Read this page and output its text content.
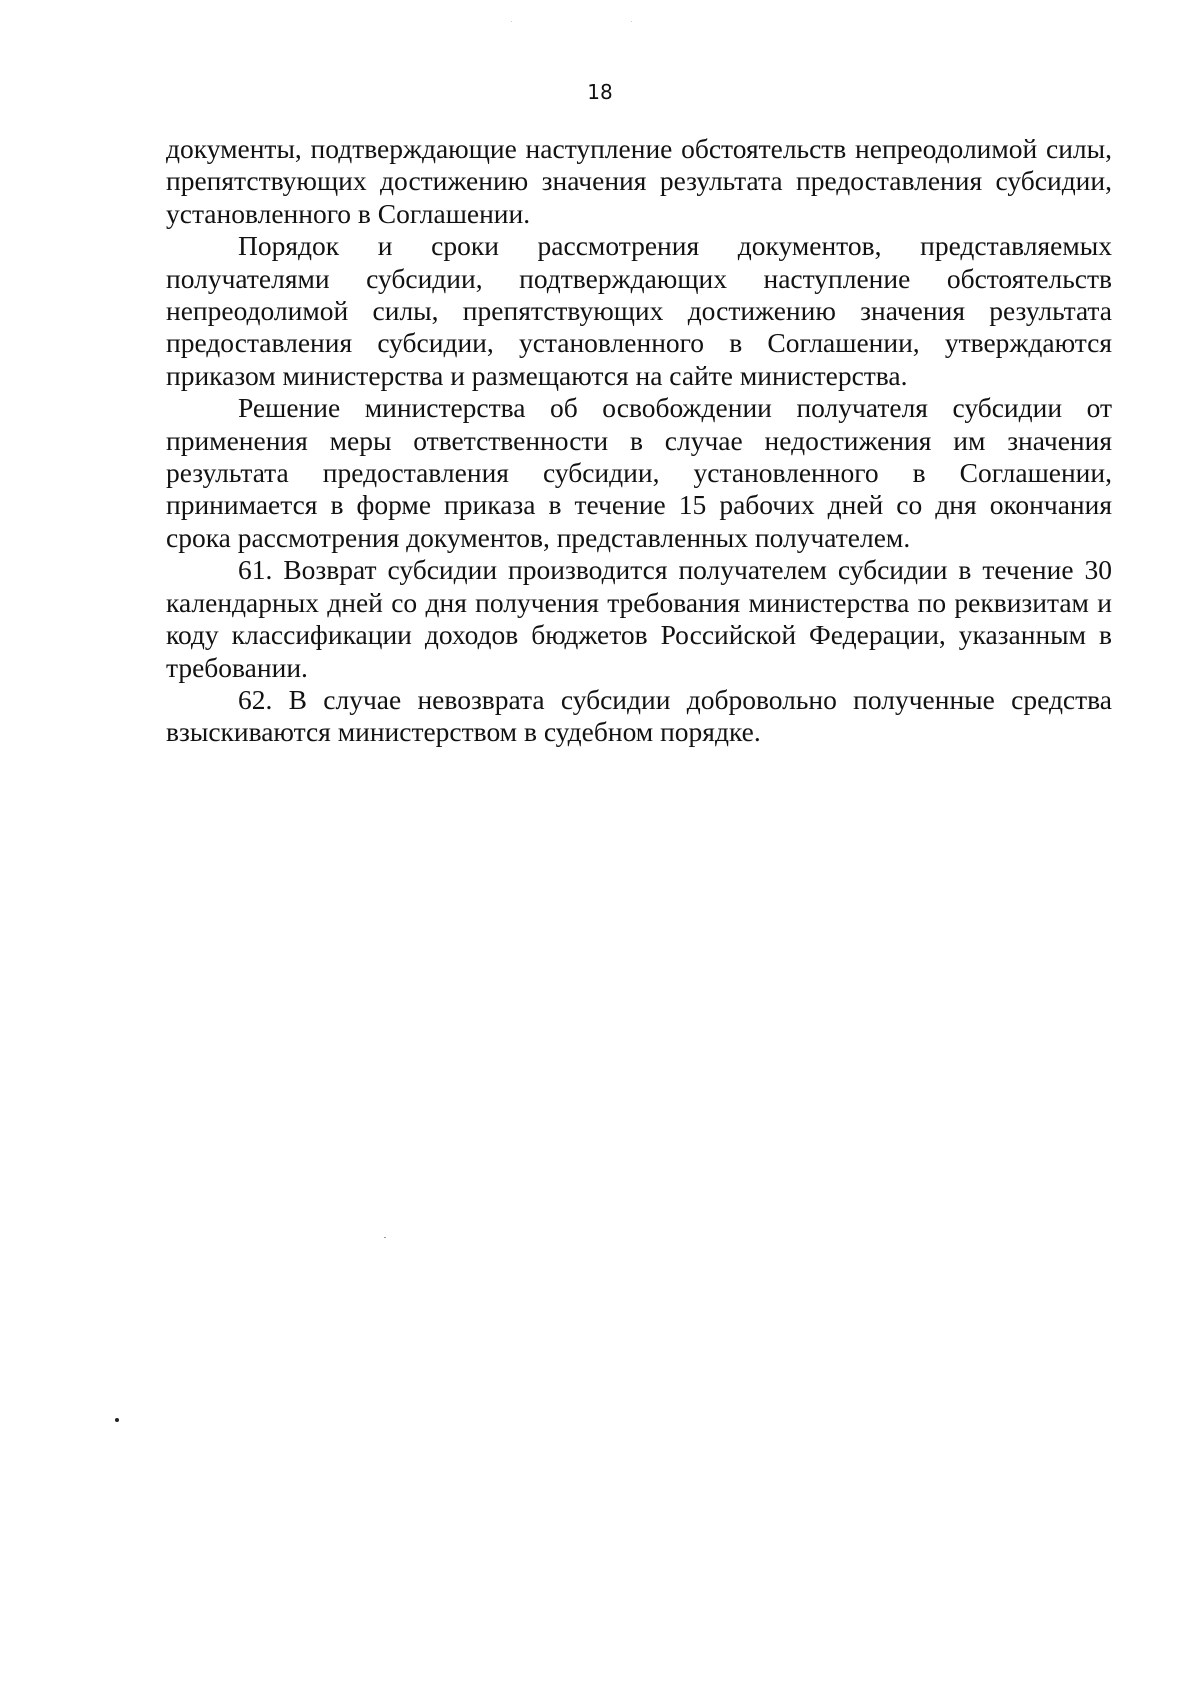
18

документы, подтверждающие наступление обстоятельств непреодолимой силы, препятствующих достижению значения результата предоставления субсидии, установленного в Соглашении.

Порядок и сроки рассмотрения документов, представляемых получателями субсидии, подтверждающих наступление обстоятельств непреодолимой силы, препятствующих достижению значения результата предоставления субсидии, установленного в Соглашении, утверждаются приказом министерства и размещаются на сайте министерства.

Решение министерства об освобождении получателя субсидии от применения меры ответственности в случае недостижения им значения результата предоставления субсидии, установленного в Соглашении, принимается в форме приказа в течение 15 рабочих дней со дня окончания срока рассмотрения документов, представленных получателем.

61. Возврат субсидии производится получателем субсидии в течение 30 календарных дней со дня получения требования министерства по реквизитам и коду классификации доходов бюджетов Российской Федерации, указанным в требовании.

62. В случае невозврата субсидии добровольно полученные средства взыскиваются министерством в судебном порядке.
